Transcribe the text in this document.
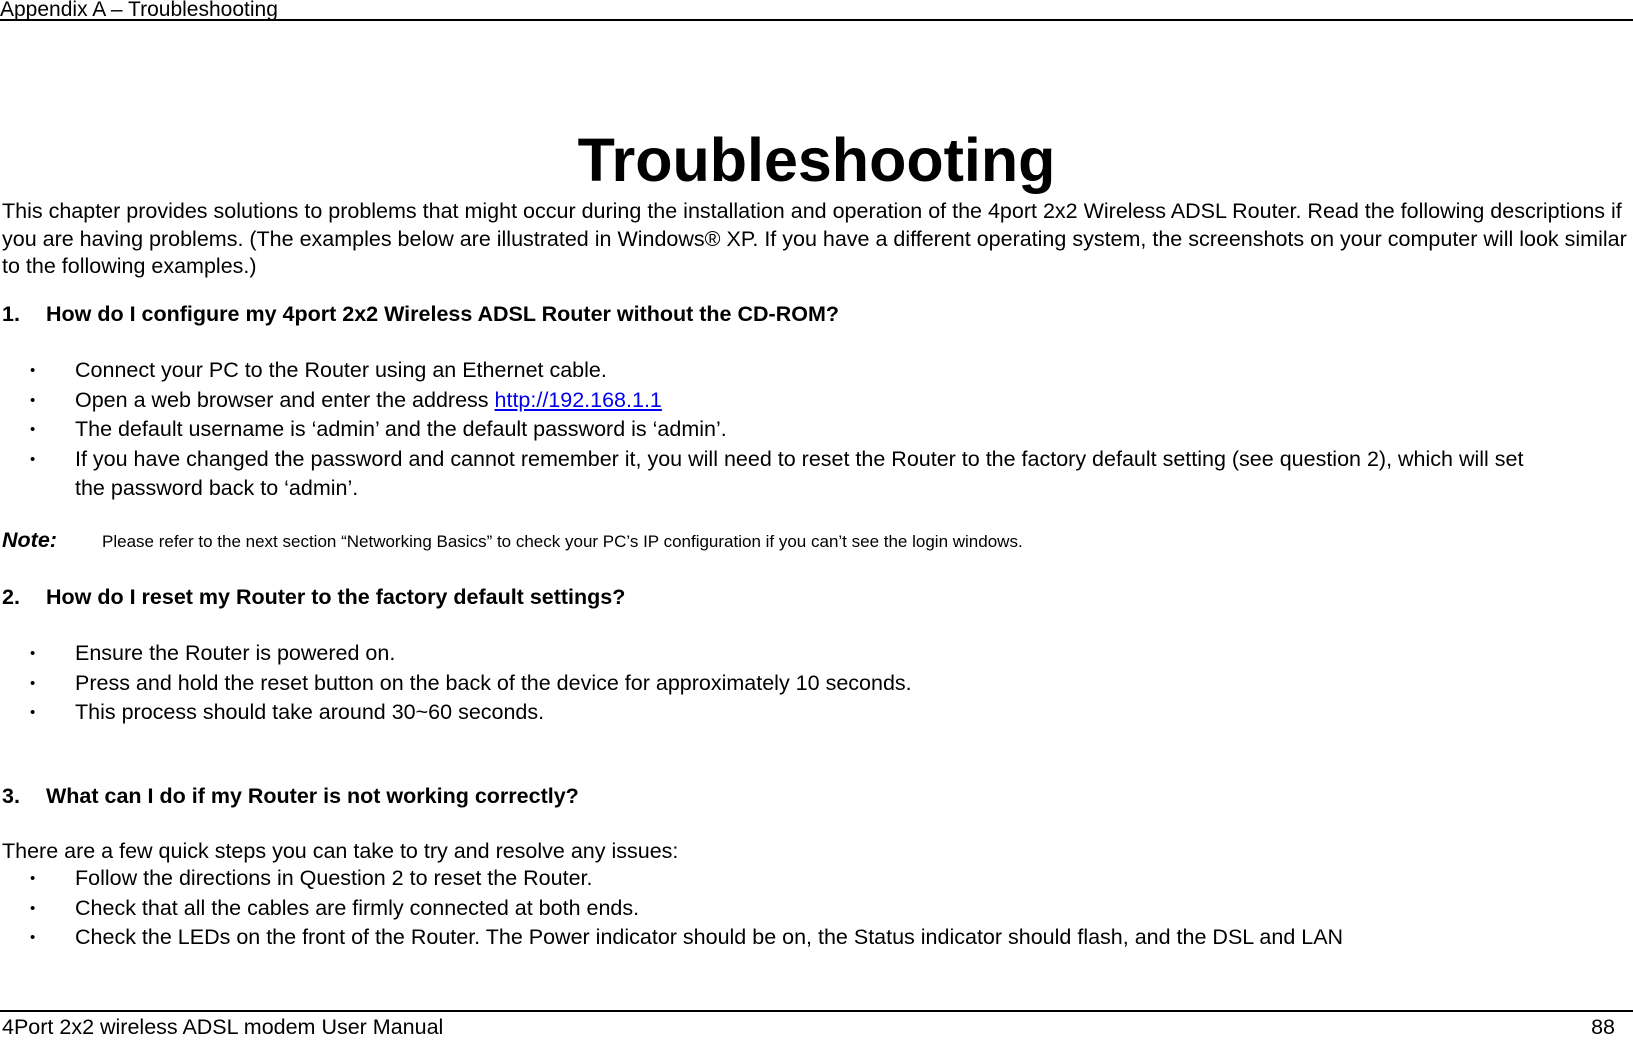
Appendix A – Troubleshooting
Troubleshooting
This chapter provides solutions to problems that might occur during the installation and operation of the 4port 2x2 Wireless ADSL Router. Read the following descriptions if you are having problems. (The examples below are illustrated in Windows® XP. If you have a different operating system, the screenshots on your computer will look similar to the following examples.)
1. How do I configure my 4port 2x2 Wireless ADSL Router without the CD-ROM?
• Connect your PC to the Router using an Ethernet cable.
• Open a web browser and enter the address http://192.168.1.1
• The default username is ‘admin’ and the default password is ‘admin’.
• If you have changed the password and cannot remember it, you will need to reset the Router to the factory default setting (see question 2), which will set the password back to ‘admin’.
Note:	Please refer to the next section “Networking Basics” to check your PC’s IP configuration if you can’t see the login windows.
2. How do I reset my Router to the factory default settings?
• Ensure the Router is powered on.
• Press and hold the reset button on the back of the device for approximately 10 seconds.
• This process should take around 30~60 seconds.
3. What can I do if my Router is not working correctly?
There are a few quick steps you can take to try and resolve any issues:
• Follow the directions in Question 2 to reset the Router.
• Check that all the cables are firmly connected at both ends.
• Check the LEDs on the front of the Router. The Power indicator should be on, the Status indicator should flash, and the DSL and LAN
4Port 2x2 wireless ADSL modem User Manual	88
